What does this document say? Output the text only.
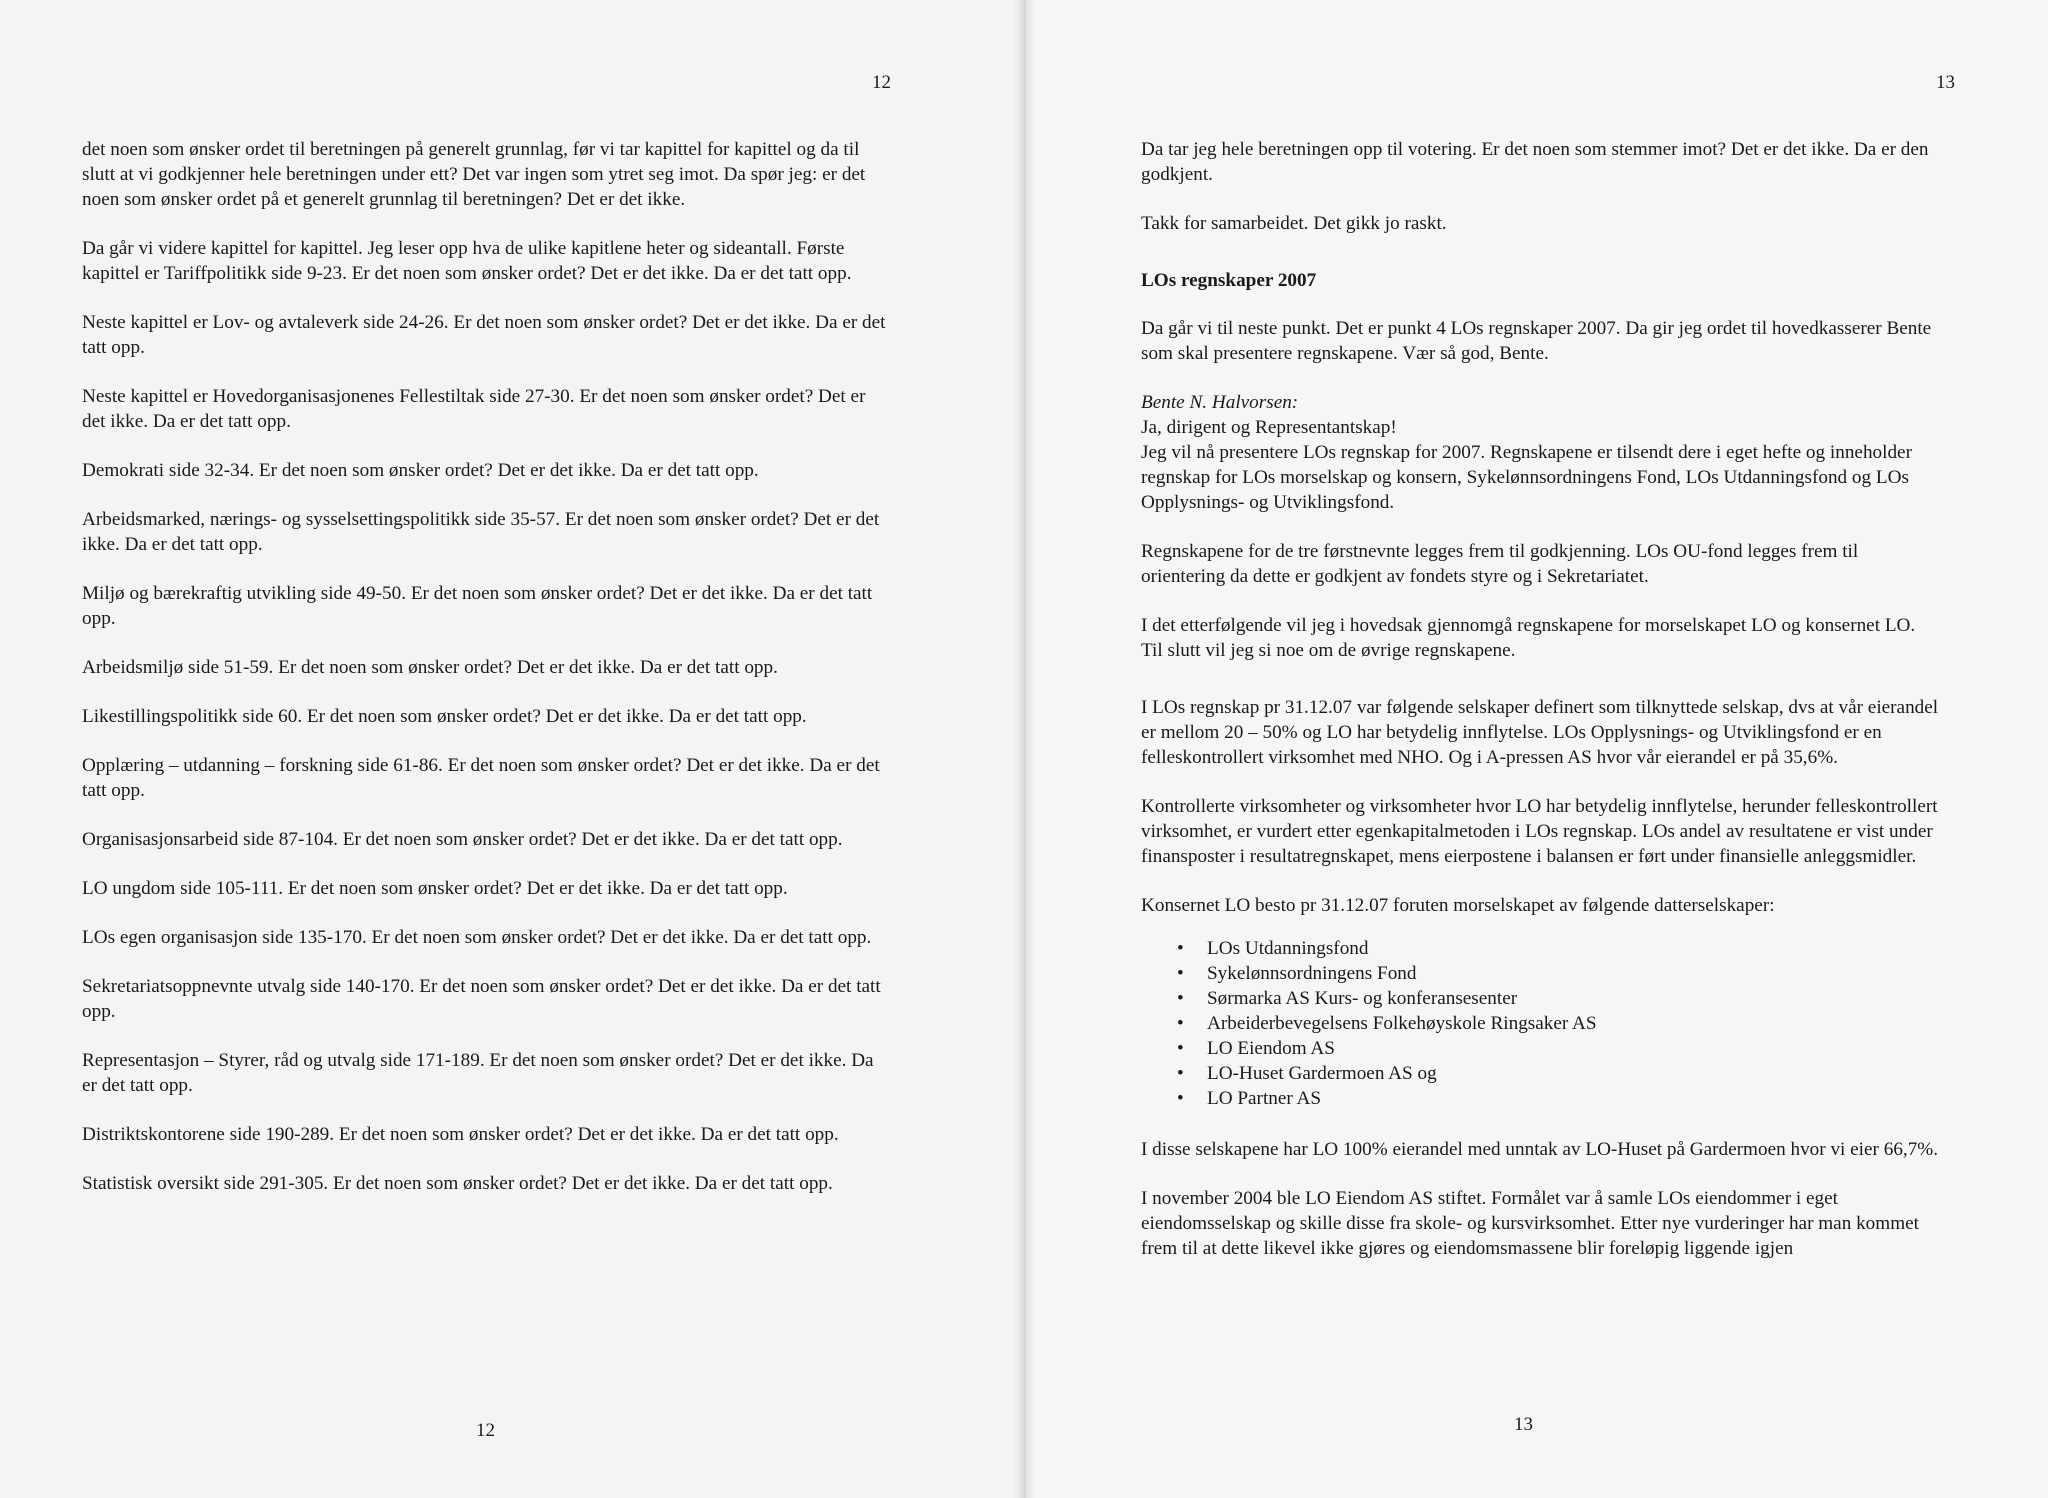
12

det noen som ønsker ordet til beretningen på generelt grunnlag, før vi tar kapittel for kapittel og da til slutt at vi godkjenner hele beretningen under ett? Det var ingen som ytret seg imot. Da spør jeg: er det noen som ønsker ordet på et generelt grunnlag til beretningen? Det er det ikke.

Da går vi videre kapittel for kapittel. Jeg leser opp hva de ulike kapitlene heter og sideantall. Første kapittel er Tariffpolitikk side 9-23. Er det noen som ønsker ordet? Det er det ikke. Da er det tatt opp.

Neste kapittel er Lov- og avtaleverk side 24-26. Er det noen som ønsker ordet? Det er det ikke. Da er det tatt opp.

Neste kapittel er Hovedorganisasjonenes Fellestiltak side 27-30. Er det noen som ønsker ordet? Det er det ikke. Da er det tatt opp.

Demokrati side 32-34. Er det noen som ønsker ordet? Det er det ikke. Da er det tatt opp.

Arbeidsmarked, nærings- og sysselsettingspolitikk side 35-57. Er det noen som ønsker ordet? Det er det ikke. Da er det tatt opp.

Miljø og bærekraftig utvikling side 49-50. Er det noen som ønsker ordet? Det er det ikke. Da er det tatt opp.

Arbeidsmiljø side 51-59. Er det noen som ønsker ordet? Det er det ikke. Da er det tatt opp.

Likestillingspolitikk side 60. Er det noen som ønsker ordet? Det er det ikke. Da er det tatt opp.

Opplæring – utdanning – forskning side 61-86. Er det noen som ønsker ordet? Det er det ikke. Da er det tatt opp.

Organisasjonsarbeid side 87-104. Er det noen som ønsker ordet? Det er det ikke. Da er det tatt opp.

LO ungdom side 105-111. Er det noen som ønsker ordet? Det er det ikke. Da er det tatt opp.

LOs egen organisasjon side 135-170. Er det noen som ønsker ordet? Det er det ikke. Da er det tatt opp.

Sekretariatsoppnevnte utvalg side 140-170. Er det noen som ønsker ordet? Det er det ikke. Da er det tatt opp.

Representasjon – Styrer, råd og utvalg side 171-189. Er det noen som ønsker ordet? Det er det ikke. Da er det tatt opp.

Distriktskontorene side 190-289. Er det noen som ønsker ordet? Det er det ikke. Da er det tatt opp.

Statistisk oversikt side 291-305. Er det noen som ønsker ordet? Det er det ikke. Da er det tatt opp.

12
13
13

Da tar jeg hele beretningen opp til votering. Er det noen som stemmer imot? Det er det ikke. Da er den godkjent.

Takk for samarbeidet. Det gikk jo raskt.

LOs regnskaper 2007

Da går vi til neste punkt. Det er punkt 4 LOs regnskaper 2007. Da gir jeg ordet til hovedkasserer Bente som skal presentere regnskapene. Vær så god, Bente.

Bente N. Halvorsen:
Ja, dirigent og Representantskap!

Jeg vil nå presentere LOs regnskap for 2007. Regnskapene er tilsendt dere i eget hefte og inneholder regnskap for LOs morselskap og konsern, Sykelønnsordningens Fond, LOs Utdanningsfond og LOs Opplysnings- og Utviklingsfond.

Regnskapene for de tre førstnevnte legges frem til godkjenning. LOs OU-fond legges frem til orientering da dette er godkjent av fondets styre og i Sekretariatet.

I det etterfølgende vil jeg i hovedsak gjennomgå regnskapene for morselskapet LO og konsernet LO. Til slutt vil jeg si noe om de øvrige regnskapene.

I LOs regnskap pr 31.12.07 var følgende selskaper definert som tilknyttede selskap, dvs at vår eierandel er mellom 20 – 50% og LO har betydelig innflytelse. LOs Opplysnings- og Utviklingsfond er en felleskontrollert virksomhet med NHO. Og i A-pressen AS hvor vår eierandel er på 35,6%.

Kontrollerte virksomheter og virksomheter hvor LO har betydelig innflytelse, herunder felleskontrollert virksomhet, er vurdert etter egenkapitalmetoden i LOs regnskap. LOs andel av resultatene er vist under finansposter i resultatregnskapet, mens eierpostene i balansen er ført under finansielle anleggsmidler.

Konsernet LO besto pr 31.12.07 foruten morselskapet av følgende datterselskaper:

• LOs Utdanningsfond
• Sykelønnsordningens Fond
• Sørmarka AS Kurs- og konferansesenter
• Arbeiderbevegelsens Folkehøyskole Ringsaker AS
• LO Eiendom AS
• LO-Huset Gardermoen AS og
• LO Partner AS

I disse selskapene har LO 100% eierandel med unntak av LO-Huset på Gardermoen hvor vi eier 66,7%.

I november 2004 ble LO Eiendom AS stiftet. Formålet var å samle LOs eiendommer i eget eiendomsselskap og skille disse fra skole- og kursvirksomhet. Etter nye vurderinger har man kommet frem til at dette likevel ikke gjøres og eiendomsmassene blir foreløpig liggende igjen
